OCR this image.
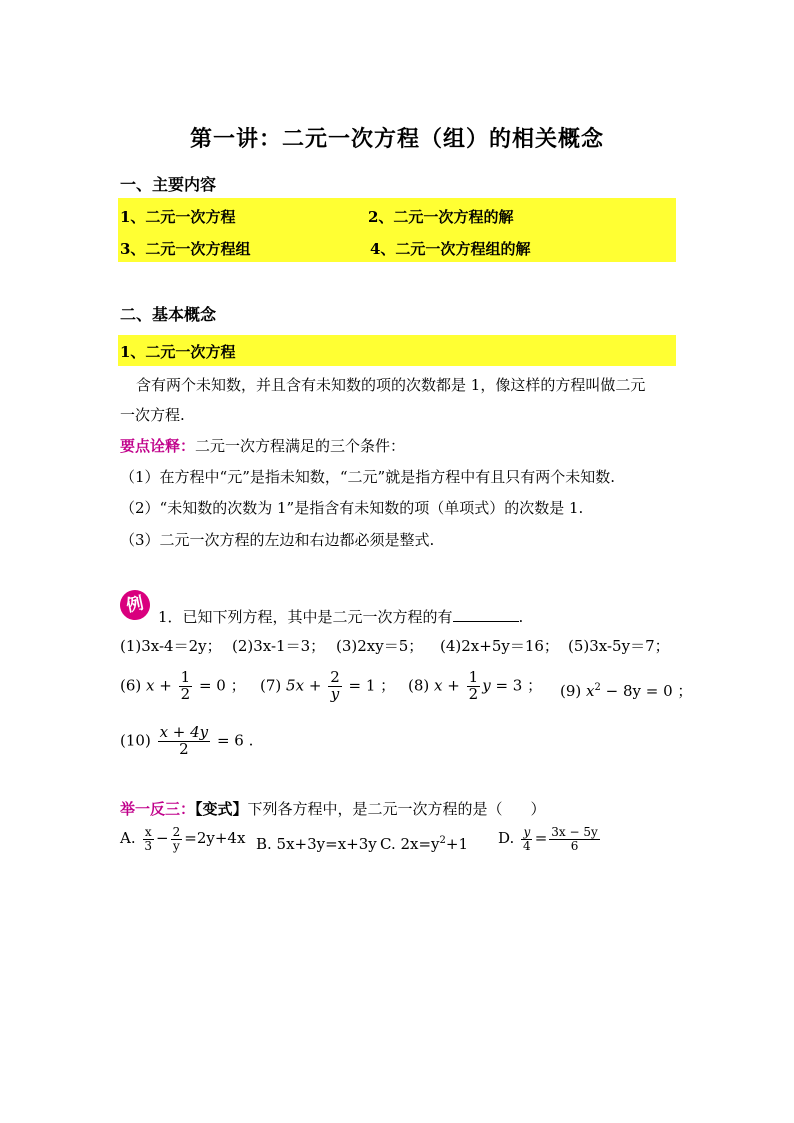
第一讲：二元一次方程（组）的相关概念
一、主要内容
1、二元一次方程	2、二元一次方程的解
3、二元一次方程组	4、二元一次方程组的解
二、基本概念
1、二元一次方程
含有两个未知数，并且含有未知数的项的次数都是 1，像这样的方程叫做二元
一次方程.
要点诠释：二元一次方程满足的三个条件：
（1）在方程中“元”是指未知数，“二元”就是指方程中有且只有两个未知数.
（2）“未知数的次数为 1”是指含有未知数的项（单项式）的次数是 1.
（3）二元一次方程的左边和右边都必须是整式.
例
1．已知下列方程，其中是二元一次方程的有	.
(1)3x-4＝2y； (2)3x-1＝3； (3)2xy＝5； (4)2x+5y＝16； (5)3x-5y＝7；
(6) $x + \frac{1}{2} = 0$ ； (7) $5x + \frac{2}{y} = 1$ ； (8) $x + \frac{1}{2}$ y = 3 ； (9) $x^2 - 8y = 0$ ；
$(10) \frac{x + 4y}{2} = 6$ .
举一反三：【变式】下列各方程中，是二元一次方程的是（ ）
A. $\frac{x}{3} - \frac{2}{y} =2y+4x$ B. 5x+3y=x+3y C. $2x=y^2+1$ D. $\frac{y}{4} = \frac{3x - 5y}{6}$
